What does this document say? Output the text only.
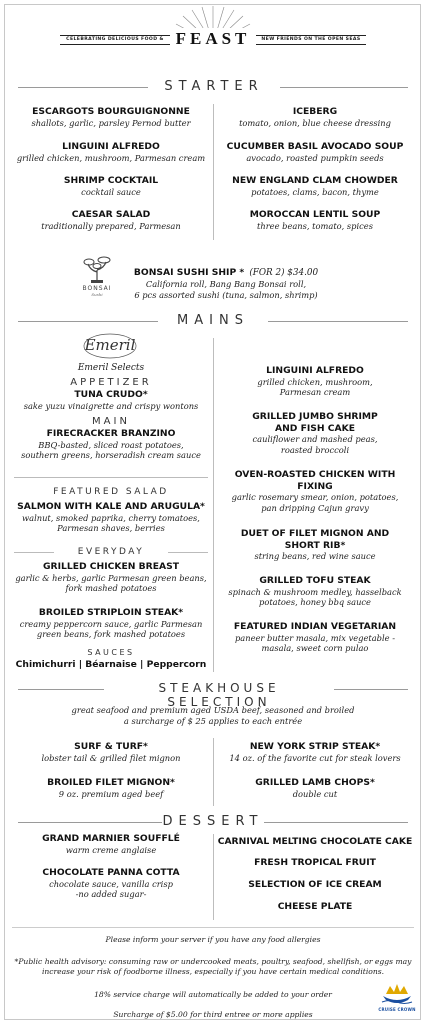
CELEBRATING DELICIOUS FOOD &	NEW FRIENDS ON THE OPEN SEAS
FEAST
STARTER
ESCARGOTS BOURGUIGNONNE
shallots, garlic, parsley Pernod butter
LINGUINI ALFREDO
grilled chicken, mushroom, Parmesan cream
SHRIMP COCKTAIL
cocktail sauce
CAESAR SALAD
traditionally prepared, Parmesan
ICEBERG
tomato, onion, blue cheese dressing
CUCUMBER BASIL AVOCADO SOUP
avocado, roasted pumpkin seeds
NEW ENGLAND CLAM CHOWDER
potatoes, clams, bacon, thyme
MOROCCAN LENTIL SOUP
three beans, tomato, spices
BONSAI
Sushi
BONSAI SUSHI SHIP * (FOR 2) $34.00
California roll, Bang Bang Bonsai roll,
6 pcs assorted sushi (tuna, salmon, shrimp)
MAINS
Emeril
Emeril Selects
APPETIZER
TUNA CRUDO*
sake yuzu vinaigrette and crispy wontons
MAIN
FIRECRACKER BRANZINO
BBQ-basted, sliced roast potatoes,
southern greens, horseradish cream sauce
FEATURED SALAD
SALMON WITH KALE AND ARUGULA*
walnut, smoked paprika, cherry tomatoes,
Parmesan shaves, berries
EVERYDAY
GRILLED CHICKEN BREAST
garlic & herbs, garlic Parmesan green beans,
fork mashed potatoes
BROILED STRIPLOIN STEAK*
creamy peppercorn sauce, garlic Parmesan
green beans, fork mashed potatoes
SAUCES
Chimichurri | Béarnaise | Peppercorn
LINGUINI ALFREDO
grilled chicken, mushroom,
Parmesan cream
GRILLED JUMBO SHRIMP
AND FISH CAKE
cauliflower and mashed peas,
roasted broccoli
OVEN-ROASTED CHICKEN WITH
FIXING
garlic rosemary smear, onion, potatoes,
pan dripping Cajun gravy
DUET OF FILET MIGNON AND
SHORT RIB*
string beans, red wine sauce
GRILLED TOFU STEAK
spinach & mushroom medley, hasselback
potatoes, honey bbq sauce
FEATURED INDIAN VEGETARIAN
paneer butter masala, mix vegetable -
masala, sweet corn pulao
STEAKHOUSE SELECTION
great seafood and premium aged USDA beef, seasoned and broiled
a surcharge of $ 25 applies to each entrée
SURF & TURF*
lobster tail & grilled filet mignon
BROILED FILET MIGNON*
9 oz. premium aged beef
NEW YORK STRIP STEAK*
14 oz. of the favorite cut for steak lovers
GRILLED LAMB CHOPS*
double cut
DESSERT
GRAND MARNIER SOUFFLÉ
warm creme anglaise
CHOCOLATE PANNA COTTA
chocolate sauce, vanilla crisp
-no added sugar-
CARNIVAL MELTING CHOCOLATE CAKE
FRESH TROPICAL FRUIT
SELECTION OF ICE CREAM
CHEESE PLATE
Please inform your server if you have any food allergies
*Public health advisory: consuming raw or undercooked meats, poultry, seafood, shellfish, or eggs may
increase your risk of foodborne illness, especially if you have certain medical conditions.
18% service charge will automatically be added to your order
Surcharge of $5.00 for third entree or more applies
CRUISE CROWN
